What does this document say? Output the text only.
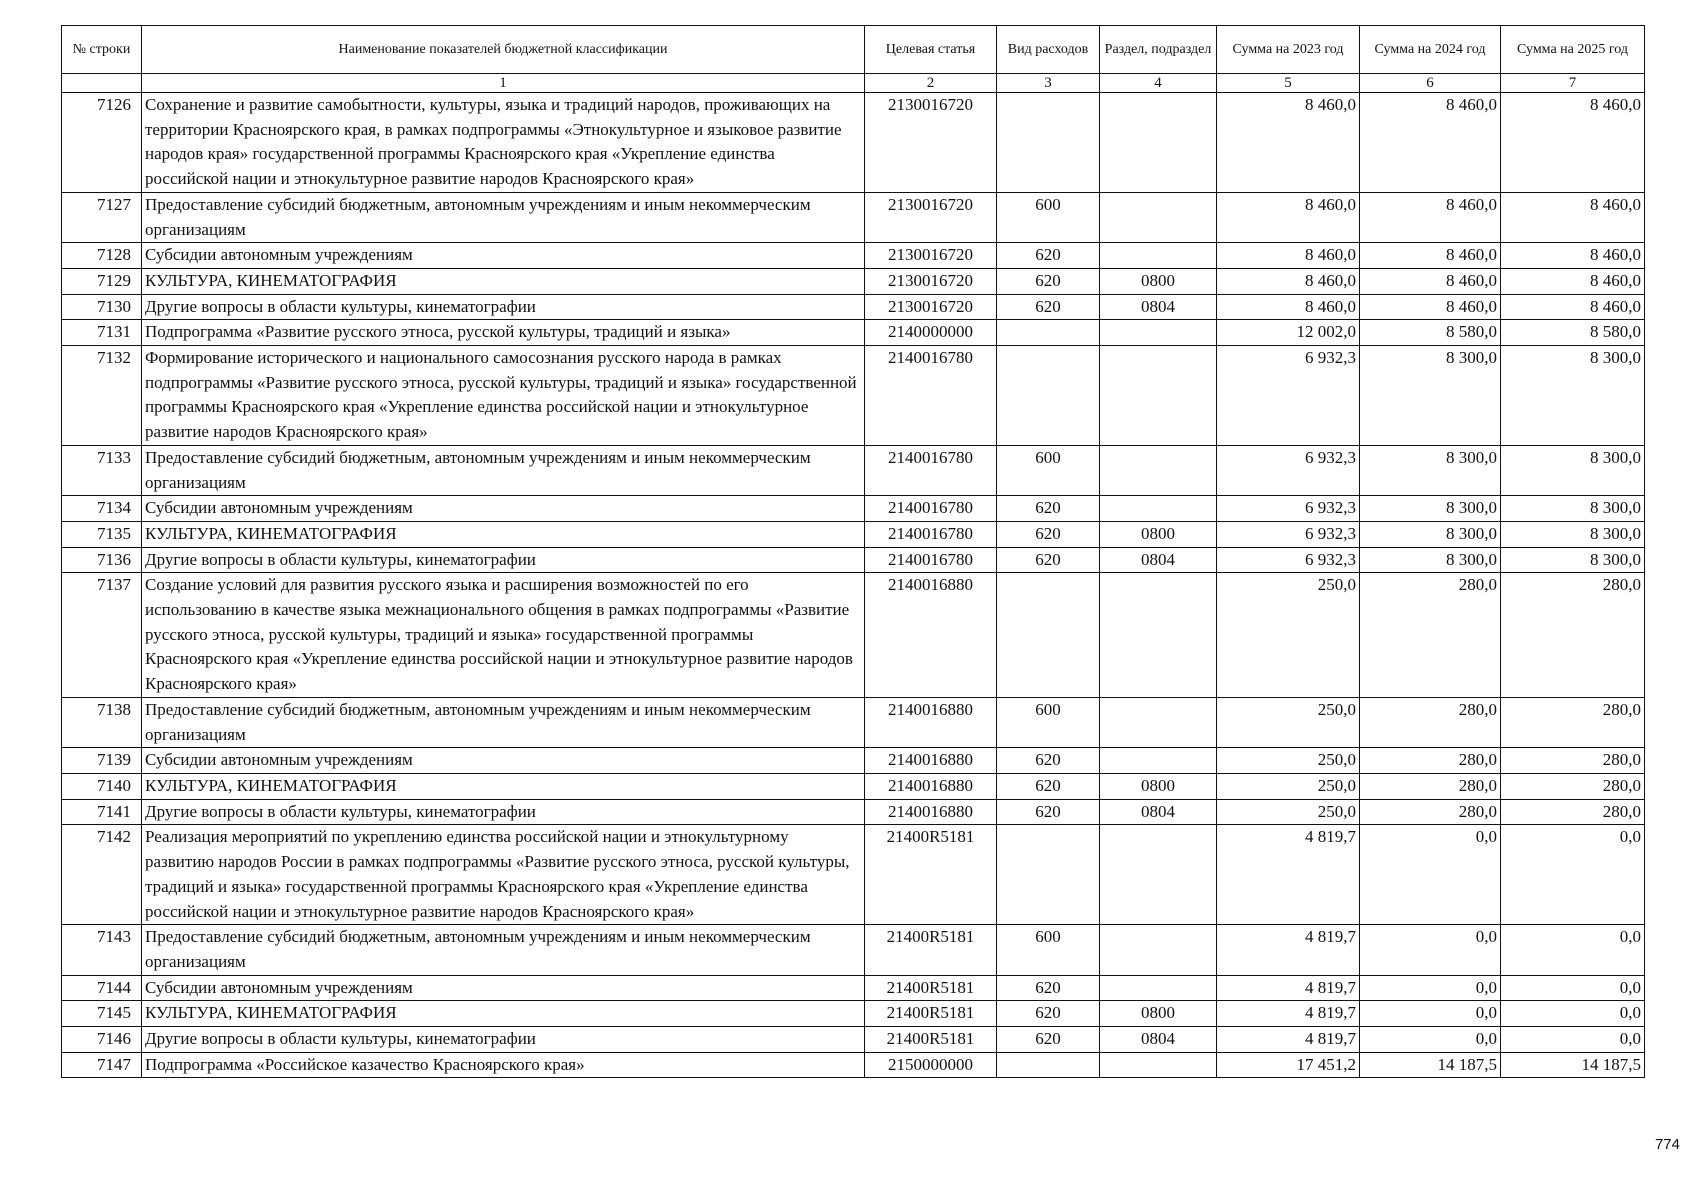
№ строки	Наименование показателей бюджетной классификации	Целевая статья	Вид расходов	Раздел, подраздел	Сумма на 2023 год	Сумма на 2024 год	Сумма на 2025 год
	1	2	3	4	5	6	7
7126	Сохранение и развитие самобытности, культуры, языка и традиций народов, проживающих на территории Красноярского края, в рамках подпрограммы «Этнокультурное и языковое развитие народов края» государственной программы Красноярского края «Укрепление единства российской нации и этнокультурное развитие народов Красноярского края»	2130016720			8 460,0	8 460,0	8 460,0
7127	Предоставление субсидий бюджетным, автономным учреждениям и иным некоммерческим организациям	2130016720	600		8 460,0	8 460,0	8 460,0
7128	Субсидии автономным учреждениям	2130016720	620		8 460,0	8 460,0	8 460,0
7129	КУЛЬТУРА, КИНЕМАТОГРАФИЯ	2130016720	620	0800	8 460,0	8 460,0	8 460,0
7130	Другие вопросы в области культуры, кинематографии	2130016720	620	0804	8 460,0	8 460,0	8 460,0
7131	Подпрограмма «Развитие русского этноса, русской культуры, традиций и языка»	2140000000			12 002,0	8 580,0	8 580,0
7132	Формирование исторического и национального самосознания русского народа в рамках подпрограммы «Развитие русского этноса, русской культуры, традиций и языка» государственной программы Красноярского края «Укрепление единства российской нации и этнокультурное развитие народов Красноярского края»	2140016780			6 932,3	8 300,0	8 300,0
7133	Предоставление субсидий бюджетным, автономным учреждениям и иным некоммерческим организациям	2140016780	600		6 932,3	8 300,0	8 300,0
7134	Субсидии автономным учреждениям	2140016780	620		6 932,3	8 300,0	8 300,0
7135	КУЛЬТУРА, КИНЕМАТОГРАФИЯ	2140016780	620	0800	6 932,3	8 300,0	8 300,0
7136	Другие вопросы в области культуры, кинематографии	2140016780	620	0804	6 932,3	8 300,0	8 300,0
7137	Создание условий для развития русского языка и расширения возможностей по его использованию в качестве языка межнационального общения в рамках подпрограммы «Развитие русского этноса, русской культуры, традиций и языка» государственной программы Красноярского края «Укрепление единства российской нации и этнокультурное развитие народов Красноярского края»	2140016880			250,0	280,0	280,0
7138	Предоставление субсидий бюджетным, автономным учреждениям и иным некоммерческим организациям	2140016880	600		250,0	280,0	280,0
7139	Субсидии автономным учреждениям	2140016880	620		250,0	280,0	280,0
7140	КУЛЬТУРА, КИНЕМАТОГРАФИЯ	2140016880	620	0800	250,0	280,0	280,0
7141	Другие вопросы в области культуры, кинематографии	2140016880	620	0804	250,0	280,0	280,0
7142	Реализация мероприятий по укреплению единства российской нации и этнокультурному развитию народов России в рамках подпрограммы «Развитие русского этноса, русской культуры, традиций и языка» государственной программы Красноярского края «Укрепление единства российской нации и этнокультурное развитие народов Красноярского края»	21400R5181			4 819,7	0,0	0,0
7143	Предоставление субсидий бюджетным, автономным учреждениям и иным некоммерческим организациям	21400R5181	600		4 819,7	0,0	0,0
7144	Субсидии автономным учреждениям	21400R5181	620		4 819,7	0,0	0,0
7145	КУЛЬТУРА, КИНЕМАТОГРАФИЯ	21400R5181	620	0800	4 819,7	0,0	0,0
7146	Другие вопросы в области культуры, кинематографии	21400R5181	620	0804	4 819,7	0,0	0,0
7147	Подпрограмма «Российское казачество Красноярского края»	2150000000			17 451,2	14 187,5	14 187,5
774
